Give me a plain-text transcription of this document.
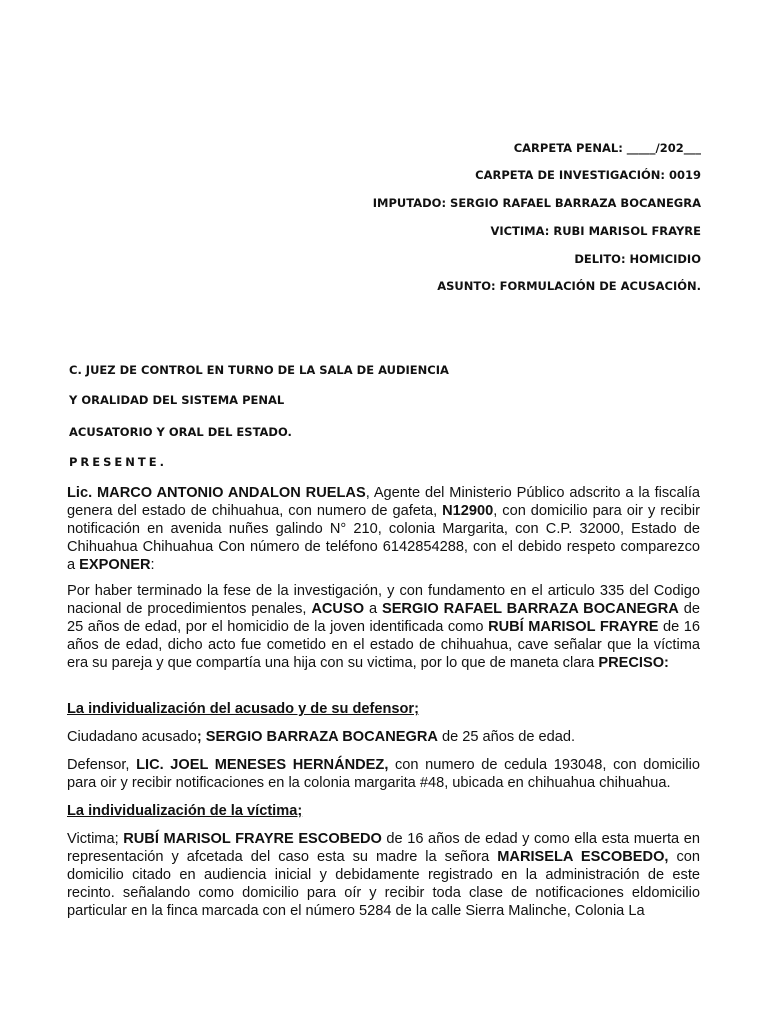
CARPETA PENAL: _____/202___

CARPETA DE INVESTIGACIÓN: 0019

IMPUTADO: SERGIO RAFAEL BARRAZA BOCANEGRA

VICTIMA: RUBI MARISOL FRAYRE

DELITO: HOMICIDIO

ASUNTO: FORMULACIÓN DE ACUSACIÓN.

C. JUEZ DE CONTROL EN TURNO DE LA SALA DE AUDIENCIA

Y ORALIDAD DEL SISTEMA PENAL

ACUSATORIO Y ORAL DEL ESTADO.

PRESENTE.

Lic. MARCO ANTONIO ANDALON RUELAS, Agente del Ministerio Público adscrito a la fiscalía genera del estado de chihuahua, con numero de gafeta, N12900, con domicilio para oir y recibir notificación en avenida nuñes galindo N° 210, colonia Margarita, con C.P. 32000, Estado de Chihuahua Chihuahua Con número de teléfono 6142854288, con el debido respeto comparezco a EXPONER:

Por haber terminado la fese de la investigación, y con fundamento en el articulo 335 del Codigo nacional de procedimientos penales, ACUSO a SERGIO RAFAEL BARRAZA BOCANEGRA de 25 años de edad, por el homicidio de la joven identificada como RUBÍ MARISOL FRAYRE de 16 años de edad, dicho acto fue cometido en el estado de chihuahua, cave señalar que la víctima era su pareja y que compartía una hija con su victima, por lo que de maneta clara PRECISO:

La individualización del acusado y de su defensor;

Ciudadano acusado; SERGIO BARRAZA BOCANEGRA de 25 años de edad.

Defensor, LIC. JOEL MENESES HERNÁNDEZ, con numero de cedula 193048, con domicilio para oir y recibir notificaciones en la colonia margarita #48, ubicada en chihuahua chihuahua.

La individualización de la víctima;

Victima; RUBÍ MARISOL FRAYRE ESCOBEDO de 16 años de edad y como ella esta muerta en representación y afcetada del caso esta su madre la señora MARISELA ESCOBEDO, con domicilio citado en audiencia inicial y debidamente registrado en la administración de este recinto. señalando como domicilio para oír y recibir toda clase de notificaciones eldomicilio particular en la finca marcada con el número 5284 de la calle Sierra Malinche, Colonia La
